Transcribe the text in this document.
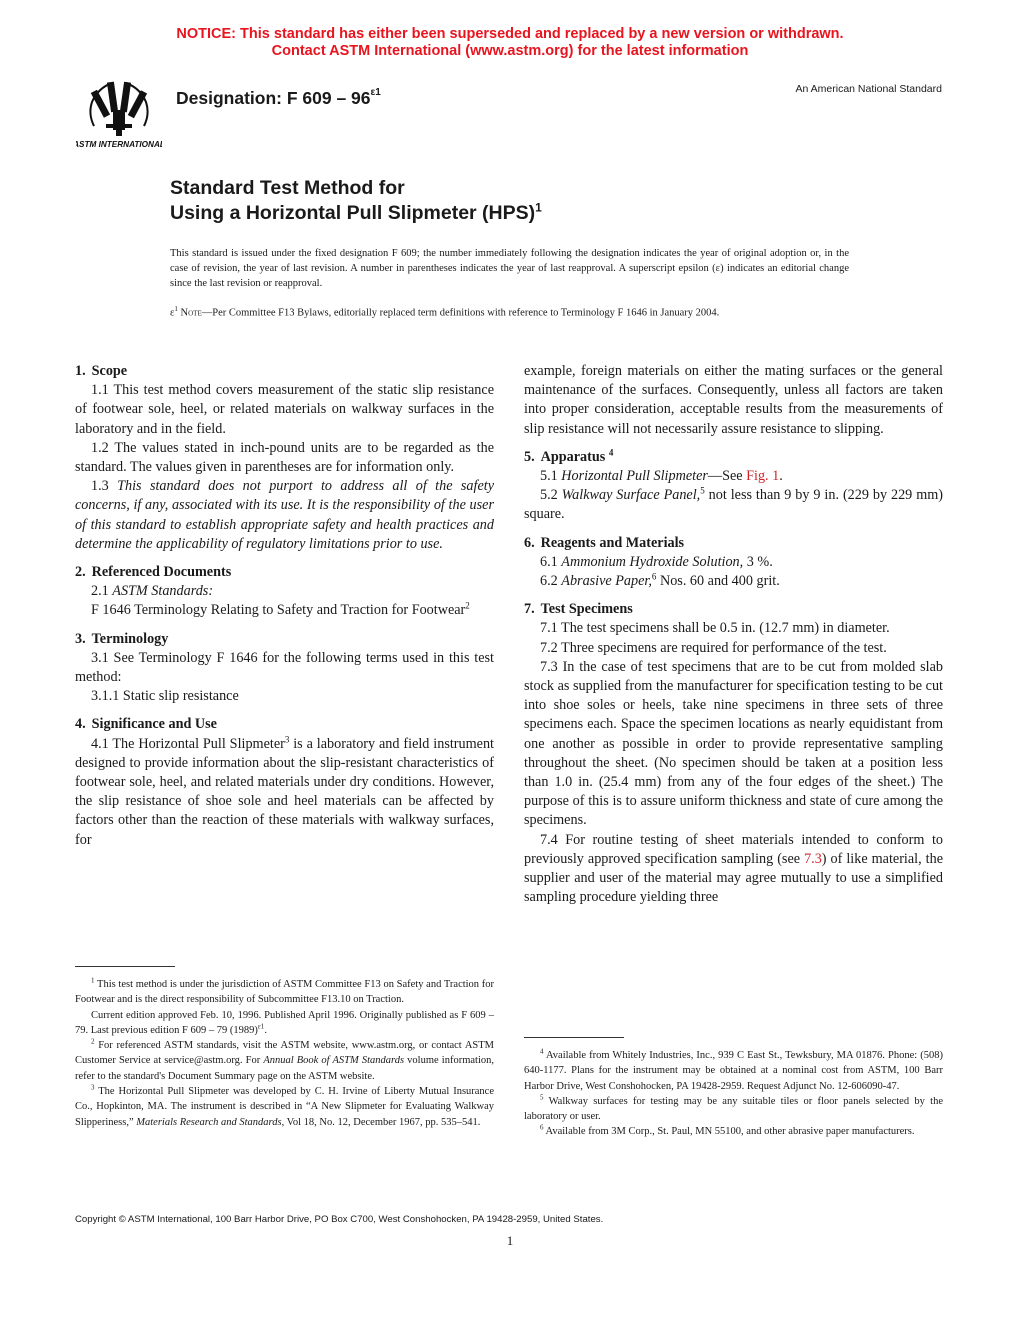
NOTICE: This standard has either been superseded and replaced by a new version or withdrawn.
Contact ASTM International (www.astm.org) for the latest information
ASTM INTERNATIONAL
Designation: F $609 - 96^{\varepsilon 1}$	An American National Standard
Standard Test Method for
Using a Horizontal Pull Slipmeter (HPS)$^1$
This standard is issued under the fixed designation F 609; the number immediately following the designation indicates the year of original adoption or, in the case of revision, the year of last revision. A number in parentheses indicates the year of last reapproval. A superscript epsilon (ε) indicates an editorial change since the last revision or reapproval.
$\varepsilon^1$ Note—Per Committee F13 Bylaws, editorially replaced term definitions with reference to Terminology F 1646 in January 2004.
1. Scope

1.1 This test method covers measurement of the static slip resistance of footwear sole, heel, or related materials on walkway surfaces in the laboratory and in the field.

1.2 The values stated in inch-pound units are to be regarded as the standard. The values given in parentheses are for information only.

1.3 This standard does not purport to address all of the safety concerns, if any, associated with its use. It is the responsibility of the user of this standard to establish appropriate safety and health practices and determine the applicability of regulatory limitations prior to use.

2. Referenced Documents

2.1 ASTM Standards:

F 1646 Terminology Relating to Safety and Traction for Footwear$^2$

3. Terminology

3.1 See Terminology F 1646 for the following terms used in this test method:

3.1.1 Static slip resistance

4. Significance and Use

4.1 The Horizontal Pull Slipmeter$^3$ is a laboratory and field instrument designed to provide information about the slip-resistant characteristics of footwear sole, heel, and related materials under dry conditions. However, the slip resistance of shoe sole and heel materials can be affected by factors other than the reaction of these materials with walkway surfaces, for

example, foreign materials on either the mating surfaces or the general maintenance of the surfaces. Consequently, unless all factors are taken into proper consideration, acceptable results from the measurements of slip resistance will not necessarily assure resistance to slipping.

5. Apparatus $^4$

5.1 Horizontal Pull Slipmeter—See Fig. 1.

5.2 Walkway Surface Panel,$^5$ not less than 9 by 9 in. (229 by 229 mm) square.

6. Reagents and Materials

6.1 Ammonium Hydroxide Solution, 3 %.

6.2 Abrasive Paper,$^6$ Nos. 60 and 400 grit.

7. Test Specimens

7.1 The test specimens shall be 0.5 in. (12.7 mm) in diameter.

7.2 Three specimens are required for performance of the test.

7.3 In the case of test specimens that are to be cut from molded slab stock as supplied from the manufacturer for specification testing to be cut into shoe soles or heels, take nine specimens in three sets of three specimens each. Space the specimen locations as nearly equidistant from one another as possible in order to provide representative sampling throughout the sheet. (No specimen should be taken at a position less than 1.0 in. (25.4 mm) from any of the four edges of the sheet.) The purpose of this is to assure uniform thickness and state of cure among the specimens.

7.4 For routine testing of sheet materials intended to conform to previously approved specification sampling (see 7.3) of like material, the supplier and user of the material may agree mutually to use a simplified sampling procedure yielding three

$^1$ This test method is under the jurisdiction of ASTM Committee F13 on Safety and Traction for Footwear and is the direct responsibility of Subcommittee F13.10 on Traction.

Current edition approved Feb. 10, 1996. Published April 1996. Originally published as F 609 – 79. Last previous edition F 609 – 79 $(1989)^{\varepsilon 1}$.

$^2$ For referenced ASTM standards, visit the ASTM website, www.astm.org, or contact ASTM Customer Service at service@astm.org. For Annual Book of ASTM Standards volume information, refer to the standard's Document Summary page on the ASTM website.

$^3$ The Horizontal Pull Slipmeter was developed by C. H. Irvine of Liberty Mutual Insurance Co., Hopkinton, MA. The instrument is described in “A New Slipmeter for Evaluating Walkway Slipperiness,” Materials Research and Standards, Vol 18, No. 12, December 1967, pp. 535–541.

$^4$ Available from Whitely Industries, Inc., 939 C East St., Tewksbury, MA 01876. Phone: (508) 640-1177. Plans for the instrument may be obtained at a nominal cost from ASTM, 100 Barr Harbor Drive, West Conshohocken, PA 19428-2959. Request Adjunct No. 12-606090-47.

$^5$ Walkway surfaces for testing may be any suitable tiles or floor panels selected by the laboratory or user.

$^6$ Available from 3M Corp., St. Paul, MN 55100, and other abrasive paper manufacturers.

Copyright © ASTM International, 100 Barr Harbor Drive, PO Box C700, West Conshohocken, PA 19428-2959, United States.
1
